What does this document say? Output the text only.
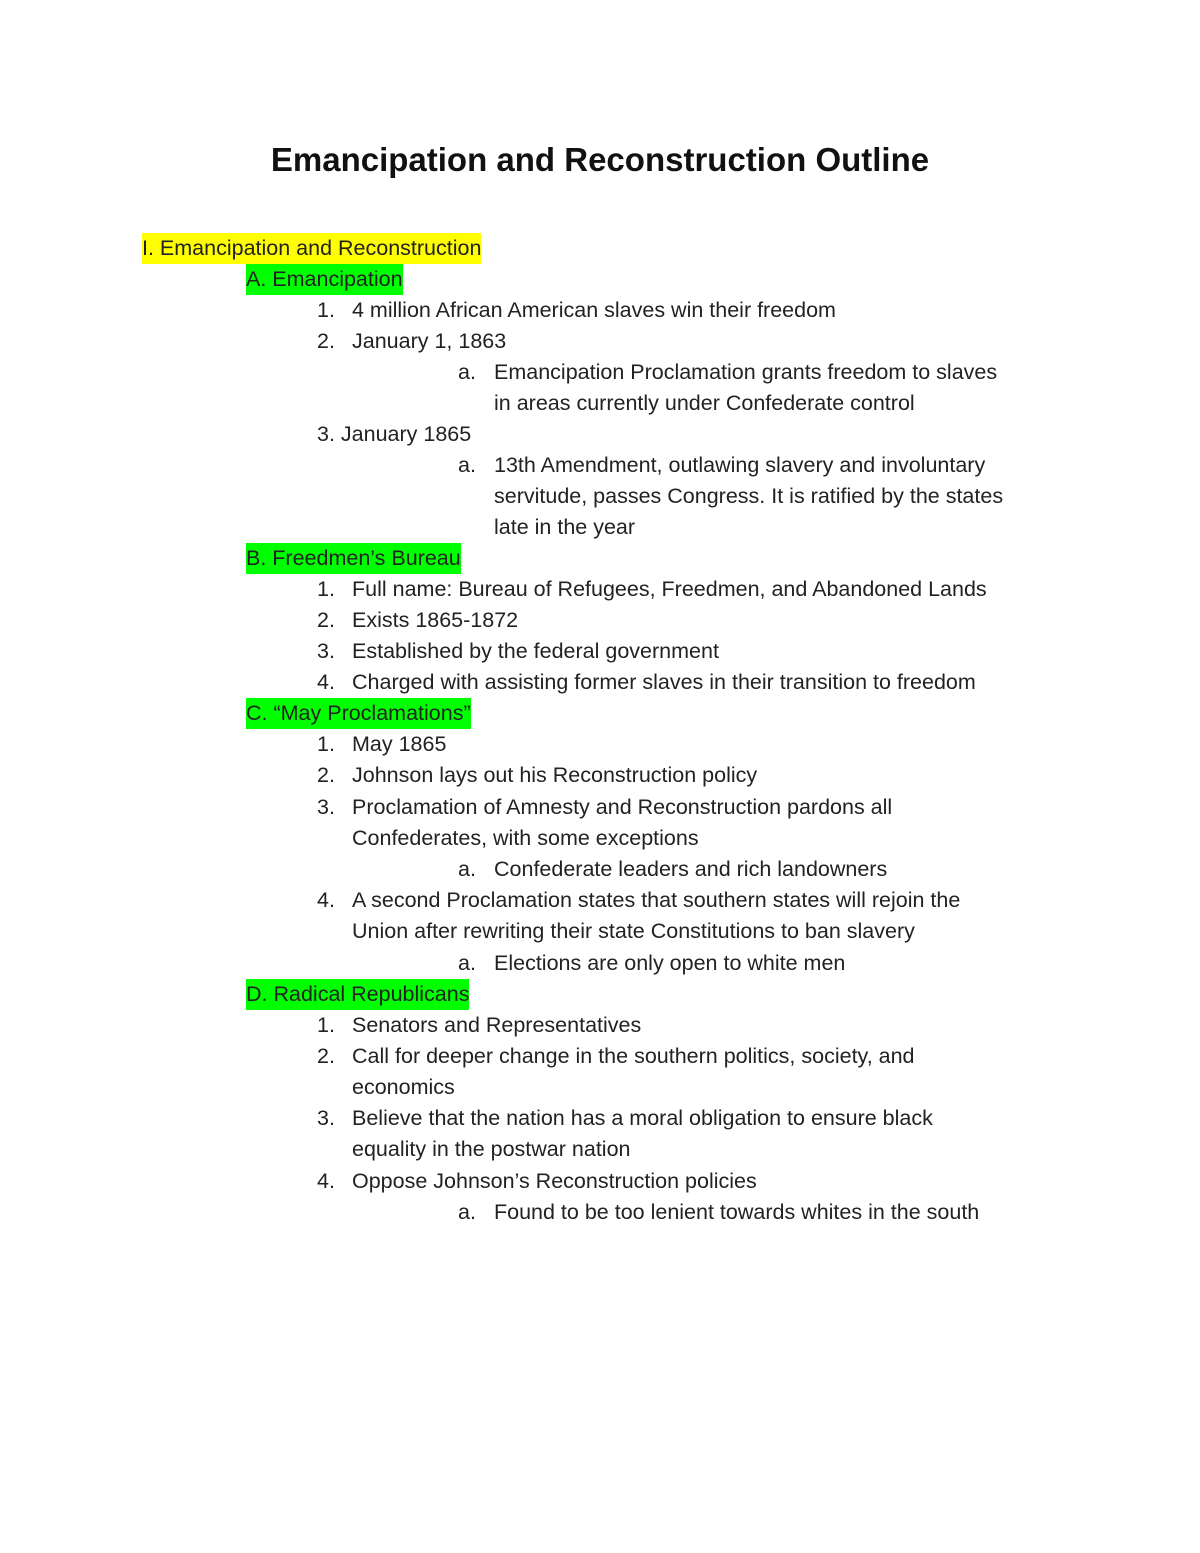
Emancipation and Reconstruction Outline
I. Emancipation and Reconstruction
A. Emancipation
1. 4 million African American slaves win their freedom
2. January 1, 1863
a. Emancipation Proclamation grants freedom to slaves
in areas currently under Confederate control
3. January 1865
a. 13th Amendment, outlawing slavery and involuntary
servitude, passes Congress. It is ratified by the states
late in the year
B. Freedmen’s Bureau
1. Full name: Bureau of Refugees, Freedmen, and Abandoned Lands
2. Exists 1865-1872
3. Established by the federal government
4. Charged with assisting former slaves in their transition to freedom
C. “May Proclamations”
1. May 1865
2. Johnson lays out his Reconstruction policy
3. Proclamation of Amnesty and Reconstruction pardons all
Confederates, with some exceptions
a. Confederate leaders and rich landowners
4. A second Proclamation states that southern states will rejoin the
Union after rewriting their state Constitutions to ban slavery
a. Elections are only open to white men
D. Radical Republicans
1. Senators and Representatives
2. Call for deeper change in the southern politics, society, and
economics
3. Believe that the nation has a moral obligation to ensure black
equality in the postwar nation
4. Oppose Johnson’s Reconstruction policies
a. Found to be too lenient towards whites in the south
